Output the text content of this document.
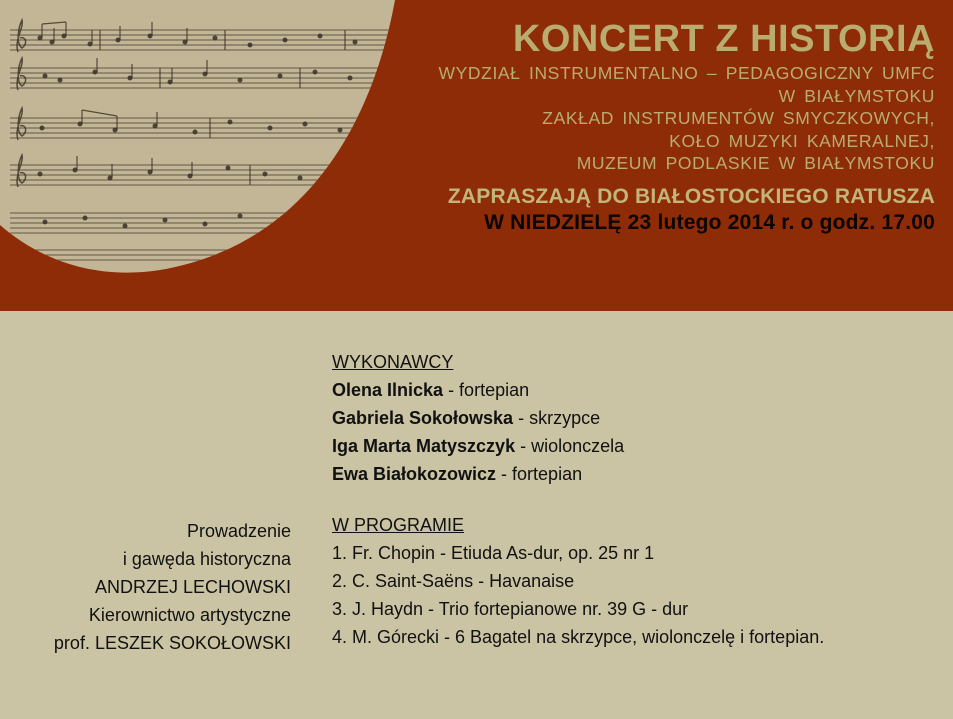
KONCERT Z HISTORIĄ
WYDZIAŁ INSTRUMENTALNO – PEDAGOGICZNY UMFC
W BIAŁYMSTOKU
ZAKŁAD INSTRUMENTÓW SMYCZKOWYCH,
KOŁO MUZYKI KAMERALNEJ,
MUZEUM PODLASKIE W BIAŁYMSTOKU
ZAPRASZAJĄ DO BIAŁOSTOCKIEGO RATUSZA
W NIEDZIELĘ 23 lutego 2014 r. o godz. 17.00
Prowadzenie
i gawęda historyczna
ANDRZEJ LECHOWSKI
Kierownictwo artystyczne
prof. LESZEK SOKOŁOWSKI
WYKONAWCY
Olena Ilnicka - fortepian
Gabriela Sokołowska - skrzypce
Iga Marta Matyszczyk - wiolonczela
Ewa Białokozowicz - fortepian
W PROGRAMIE
1. Fr. Chopin - Etiuda As-dur, op. 25 nr 1
2. C. Saint-Saëns - Havanaise
3. J. Haydn - Trio fortepianowe nr. 39 G - dur
4. M. Górecki - 6 Bagatel na skrzypce, wiolonczelę i fortepian.
